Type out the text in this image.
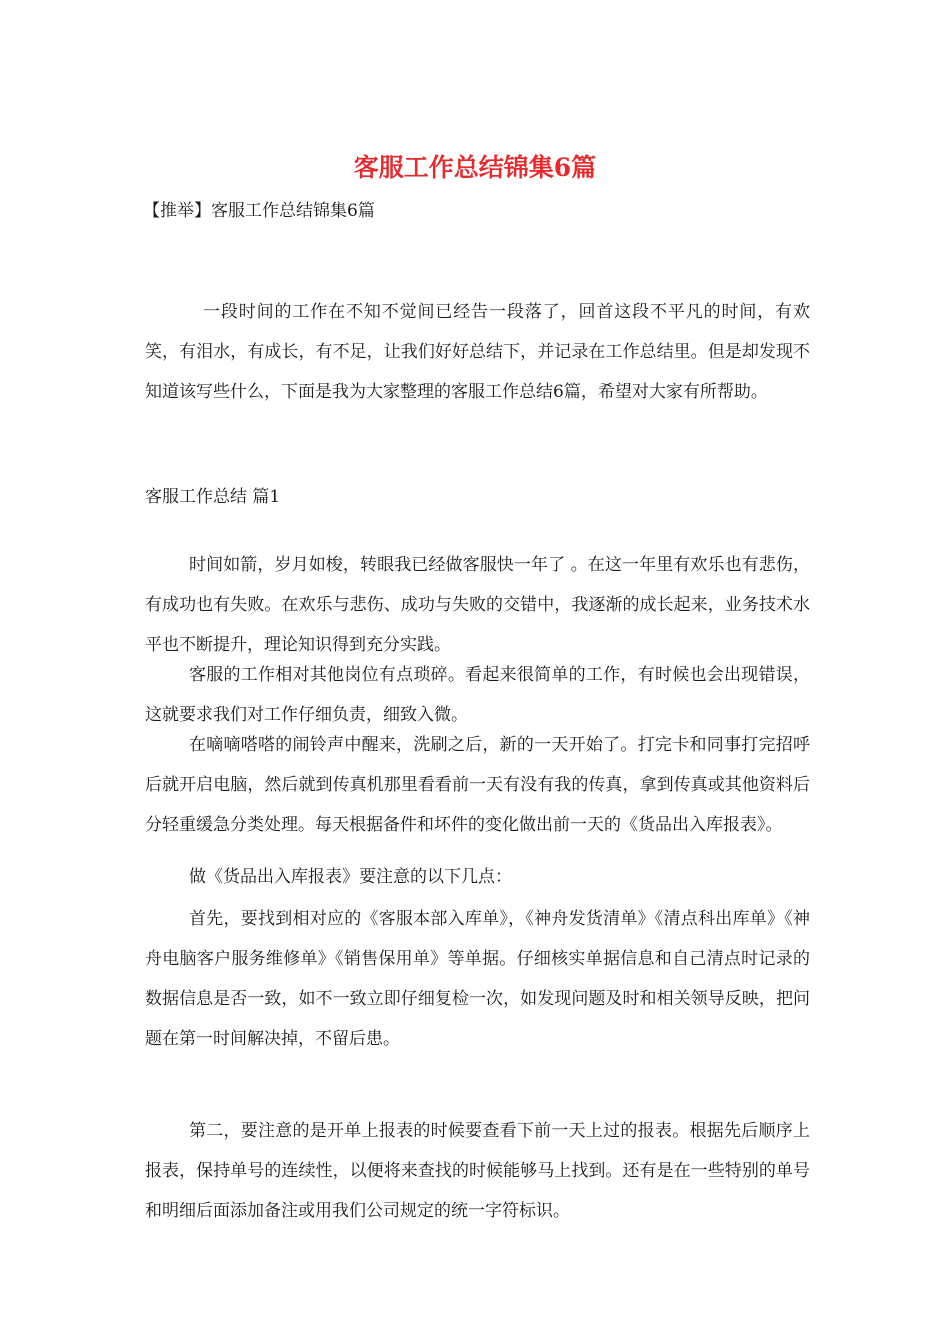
客服工作总结锦集6篇

【推举】客服工作总结锦集6篇

一段时间的工作在不知不觉间已经告一段落了，回首这段不平凡的时间，有欢笑，有泪水，有成长，有不足，让我们好好总结下，并记录在工作总结里。但是却发现不知道该写些什么，下面是我为大家整理的客服工作总结6篇，希望对大家有所帮助。

客服工作总结 篇1

时间如箭，岁月如梭，转眼我已经做客服快一年了 。在这一年里有欢乐也有悲伤，有成功也有失败。在欢乐与悲伤、成功与失败的交错中，我逐渐的成长起来，业务技术水平也不断提升，理论知识得到充分实践。

客服的工作相对其他岗位有点琐碎。看起来很简单的工作，有时候也会出现错误，这就要求我们对工作仔细负责，细致入微。

在嘀嘀嗒嗒的闹铃声中醒来，洗刷之后，新的一天开始了。打完卡和同事打完招呼后就开启电脑，然后就到传真机那里看看前一天有没有我的传真，拿到传真或其他资料后分轻重缓急分类处理。每天根据备件和坏件的变化做出前一天的《货品出入库报表》。

做《货品出入库报表》要注意的以下几点：

首先，要找到相对应的《客服本部入库单》，《神舟发货清单》《清点科出库单》《神舟电脑客户服务维修单》《销售保用单》等单据。仔细核实单据信息和自己清点时记录的数据信息是否一致，如不一致立即仔细复检一次，如发现问题及时和相关领导反映，把问题在第一时间解决掉，不留后患。

第二，要注意的是开单上报表的时候要查看下前一天上过的报表。根据先后顺序上报表，保持单号的连续性，以便将来查找的时候能够马上找到。还有是在一些特别的单号和明细后面添加备注或用我们公司规定的统一字符标识。
